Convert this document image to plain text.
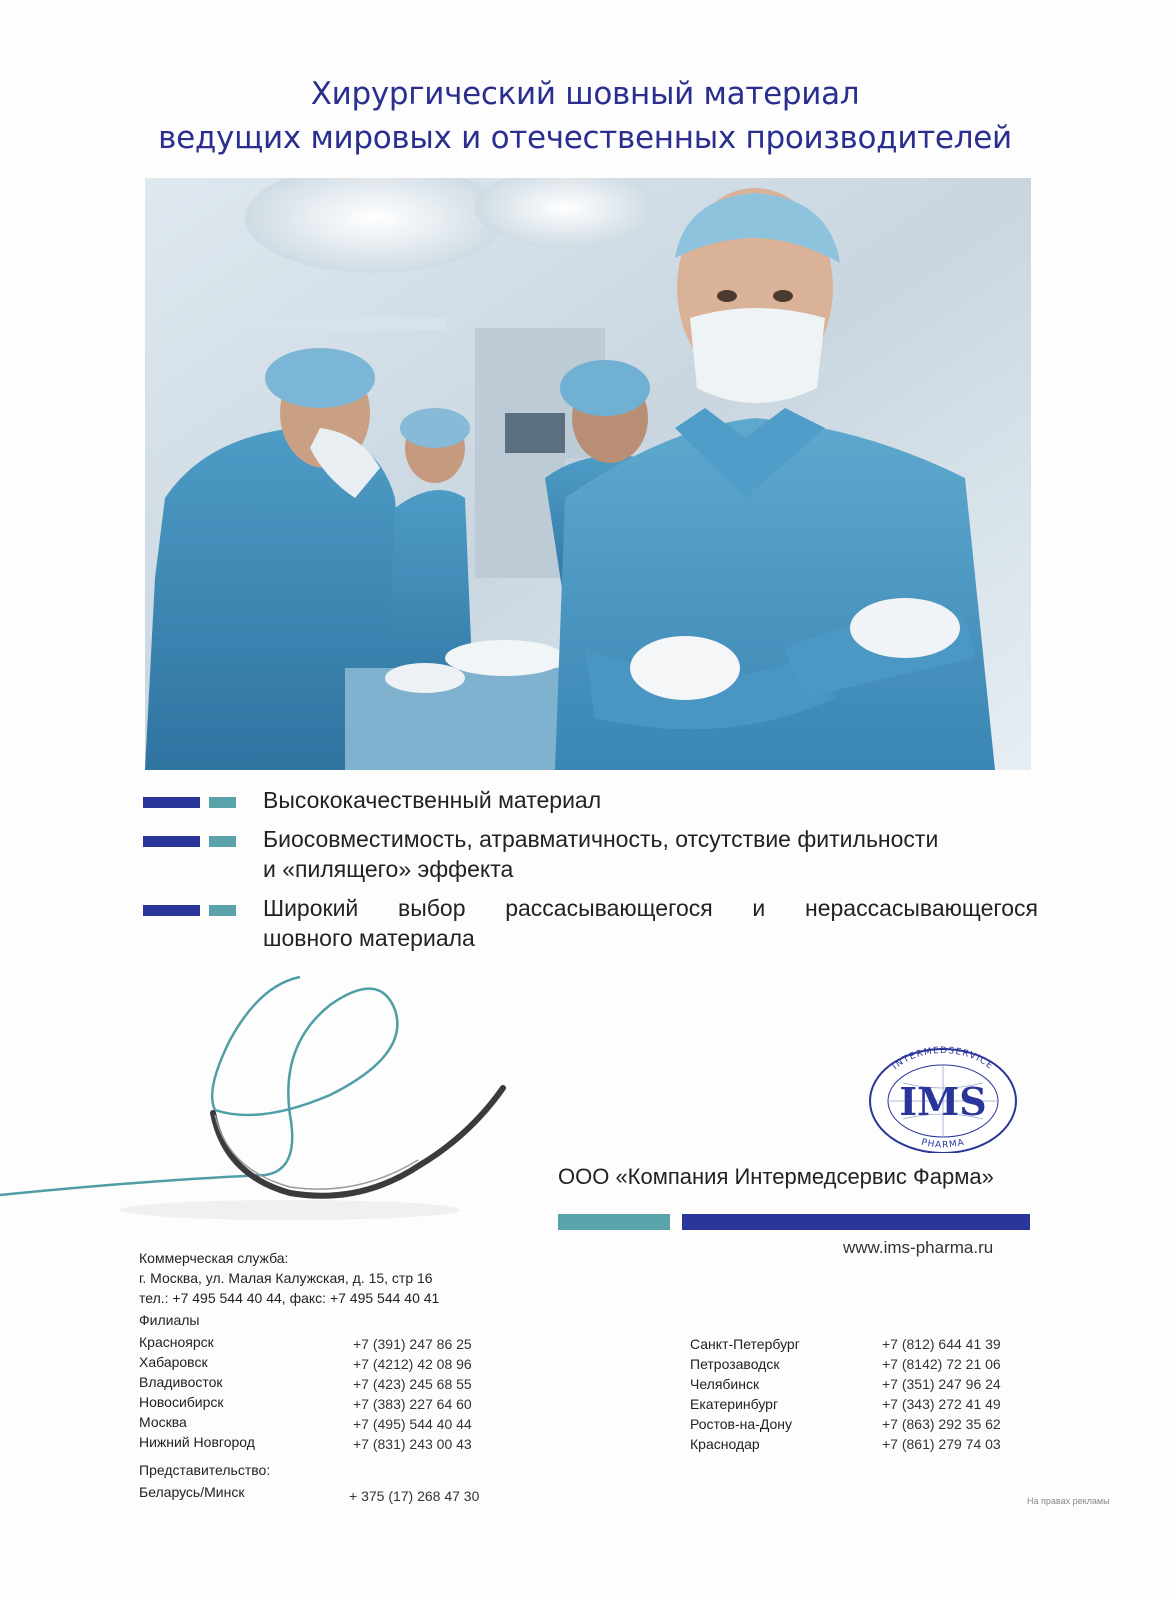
Хирургический шовный материал
ведущих мировых и отечественных производителей
Высококачественный материал
Биосовместимость, атравматичность, отсутствие фитильности
и «пилящего» эффекта
Широкий выбор рассасывающегося и нерассасывающегося
шовного материала
INTERMEDSERVICE
PHARMA
IMS
ООО «Компания Интермедсервис Фарма»
www.ims-pharma.ru
Коммерческая служба:
г. Москва, ул. Малая Калужская, д. 15, стр 16
тел.: +7 495 544 40 44, факс: +7 495 544 40 41
Филиалы
Красноярск	+7 (391) 247 86 25
Хабаровск	+7 (4212) 42 08 96
Владивосток	+7 (423) 245 68 55
Новосибирск	+7 (383) 227 64 60
Москва	+7 (495) 544 40 44
Нижний Новгород	+7 (831) 243 00 43
Санкт-Петербург	+7 (812) 644 41 39
Петрозаводск	+7 (8142) 72 21 06
Челябинск	+7 (351) 247 96 24
Екатеринбург	+7 (343) 272 41 49
Ростов-на-Дону	+7 (863) 292 35 62
Краснодар	+7 (861) 279 74 03
Представительство:
Беларусь/Минск	+ 375 (17) 268 47 30	На правах рекламы
